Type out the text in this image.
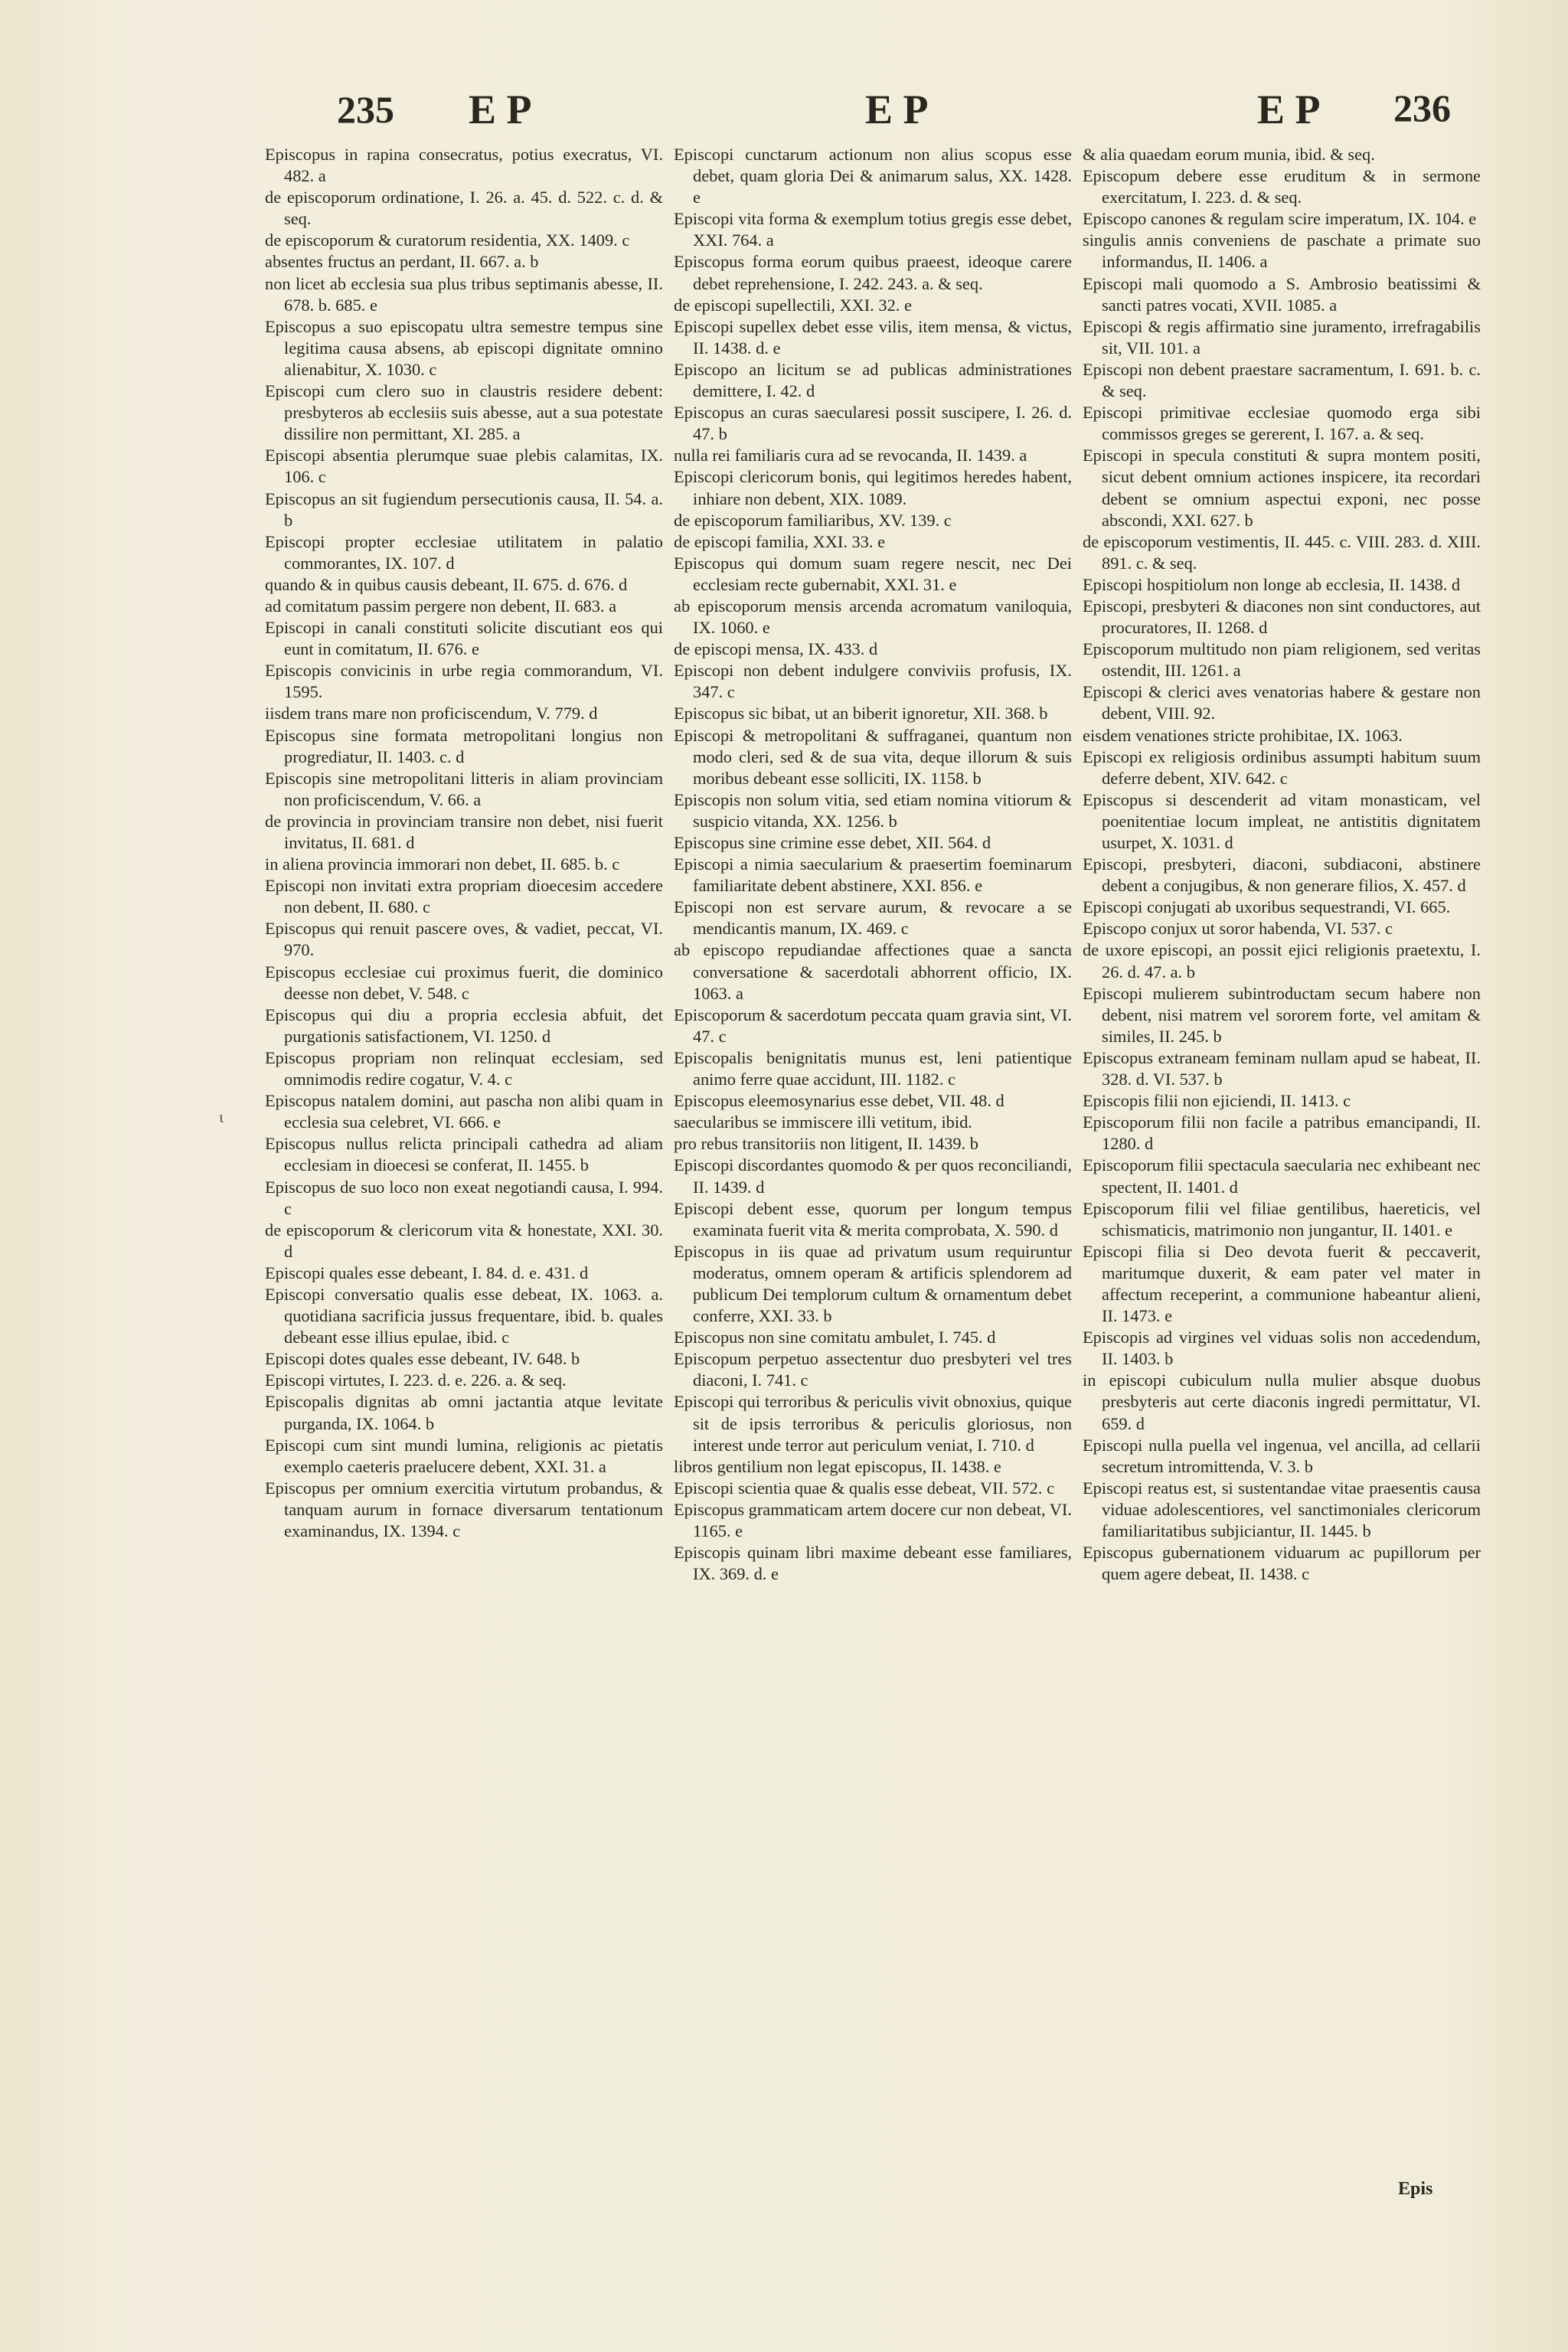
235 E P	E P	E P 236
ι

Episcopus in rapina consecratus, potius execratus, VI. 482. a

de episcoporum ordinatione, I. 26. a. 45. d. 522. c. d. & seq.

de episcoporum & curatorum residentia, XX. 1409. c

absentes fructus an perdant, II. 667. a. b

non licet ab ecclesia sua plus tribus septimanis abesse, II. 678. b. 685. e

Episcopus a suo episcopatu ultra semestre tempus sine legitima causa absens, ab episcopi dignitate omnino alienabitur, X. 1030. c

Episcopi cum clero suo in claustris residere debent: presbyteros ab ecclesiis suis abesse, aut a sua potestate dissilire non permittant, XI. 285. a

Episcopi absentia plerumque suae plebis calamitas, IX. 106. c

Episcopus an sit fugiendum persecutionis causa, II. 54. a. b

Episcopi propter ecclesiae utilitatem in palatio commorantes, IX. 107. d

quando & in quibus causis debeant, II. 675. d. 676. d

ad comitatum passim pergere non debent, II. 683. a

Episcopi in canali constituti solicite discutiant eos qui eunt in comitatum, II. 676. e

Episcopis convicinis in urbe regia commorandum, VI. 1595.

iisdem trans mare non proficiscendum, V. 779. d

Episcopus sine formata metropolitani longius non progrediatur, II. 1403. c. d

Episcopis sine metropolitani litteris in aliam provinciam non proficiscendum, V. 66. a

de provincia in provinciam transire non debet, nisi fuerit invitatus, II. 681. d

in aliena provincia immorari non debet, II. 685. b. c

Episcopi non invitati extra propriam dioecesim accedere non debent, II. 680. c

Episcopus qui renuit pascere oves, & vadiet, peccat, VI. 970.

Episcopus ecclesiae cui proximus fuerit, die dominico deesse non debet, V. 548. c

Episcopus qui diu a propria ecclesia abfuit, det purgationis satisfactionem, VI. 1250. d

Episcopus propriam non relinquat ecclesiam, sed omnimodis redire cogatur, V. 4. c

Episcopus natalem domini, aut pascha non alibi quam in ecclesia sua celebret, VI. 666. e

Episcopus nullus relicta principali cathedra ad aliam ecclesiam in dioecesi se conferat, II. 1455. b

Episcopus de suo loco non exeat negotiandi causa, I. 994. c

de episcoporum & clericorum vita & honestate, XXI. 30. d

Episcopi quales esse debeant, I. 84. d. e. 431. d

Episcopi conversatio qualis esse debeat, IX. 1063. a. quotidiana sacrificia jussus frequentare, ibid. b. quales debeant esse illius epulae, ibid. c

Episcopi dotes quales esse debeant, IV. 648. b

Episcopi virtutes, I. 223. d. e. 226. a. & seq.

Episcopalis dignitas ab omni jactantia atque levitate purganda, IX. 1064. b

Episcopi cum sint mundi lumina, religionis ac pietatis exemplo caeteris praelucere debent, XXI. 31. a

Episcopus per omnium exercitia virtutum probandus, & tanquam aurum in fornace diversarum tentationum examinandus, IX. 1394. c

Episcopi cunctarum actionum non alius scopus esse debet, quam gloria Dei & animarum salus, XX. 1428. e

Episcopi vita forma & exemplum totius gregis esse debet, XXI. 764. a

Episcopus forma eorum quibus praeest, ideoque carere debet reprehensione, I. 242. 243. a. & seq.

de episcopi supellectili, XXI. 32. e

Episcopi supellex debet esse vilis, item mensa, & victus, II. 1438. d. e

Episcopo an licitum se ad publicas administrationes demittere, I. 42. d

Episcopus an curas saecularesi possit suscipere, I. 26. d. 47. b

nulla rei familiaris cura ad se revocanda, II. 1439. a

Episcopi clericorum bonis, qui legitimos heredes habent, inhiare non debent, XIX. 1089.

de episcoporum familiaribus, XV. 139. c

de episcopi familia, XXI. 33. e

Episcopus qui domum suam regere nescit, nec Dei ecclesiam recte gubernabit, XXI. 31. e

ab episcoporum mensis arcenda acromatum vaniloquia, IX. 1060. e

de episcopi mensa, IX. 433. d

Episcopi non debent indulgere conviviis profusis, IX. 347. c

Episcopus sic bibat, ut an biberit ignoretur, XII. 368. b

Episcopi & metropolitani & suffraganei, quantum non modo cleri, sed & de sua vita, deque illorum & suis moribus debeant esse solliciti, IX. 1158. b

Episcopis non solum vitia, sed etiam nomina vitiorum & suspicio vitanda, XX. 1256. b

Episcopus sine crimine esse debet, XII. 564. d

Episcopi a nimia saecularium & praesertim foeminarum familiaritate debent abstinere, XXI. 856. e

Episcopi non est servare aurum, & revocare a se mendicantis manum, IX. 469. c

ab episcopo repudiandae affectiones quae a sancta conversatione & sacerdotali abhorrent officio, IX. 1063. a

Episcoporum & sacerdotum peccata quam gravia sint, VI. 47. c

Episcopalis benignitatis munus est, leni patientique animo ferre quae accidunt, III. 1182. c

Episcopus eleemosynarius esse debet, VII. 48. d

saecularibus se immiscere illi vetitum, ibid.

pro rebus transitoriis non litigent, II. 1439. b

Episcopi discordantes quomodo & per quos reconciliandi, II. 1439. d

Episcopi debent esse, quorum per longum tempus examinata fuerit vita & merita comprobata, X. 590. d

Episcopus in iis quae ad privatum usum requiruntur moderatus, omnem operam & artificis splendorem ad publicum Dei templorum cultum & ornamentum debet conferre, XXI. 33. b

Episcopus non sine comitatu ambulet, I. 745. d

Episcopum perpetuo assectentur duo presbyteri vel tres diaconi, I. 741. c

Episcopi qui terroribus & periculis vivit obnoxius, quique sit de ipsis terroribus & periculis gloriosus, non interest unde terror aut periculum veniat, I. 710. d

libros gentilium non legat episcopus, II. 1438. e

Episcopi scientia quae & qualis esse debeat, VII. 572. c

Episcopus grammaticam artem docere cur non debeat, VI. 1165. e

Episcopis quinam libri maxime debeant esse familiares, IX. 369. d. e

& alia quaedam eorum munia, ibid. & seq.

Episcopum debere esse eruditum & in sermone exercitatum, I. 223. d. & seq.

Episcopo canones & regulam scire imperatum, IX. 104. e

singulis annis conveniens de paschate a primate suo informandus, II. 1406. a

Episcopi mali quomodo a S. Ambrosio beatissimi & sancti patres vocati, XVII. 1085. a

Episcopi & regis affirmatio sine juramento, irrefragabilis sit, VII. 101. a

Episcopi non debent praestare sacramentum, I. 691. b. c. & seq.

Episcopi primitivae ecclesiae quomodo erga sibi commissos greges se gererent, I. 167. a. & seq.

Episcopi in specula constituti & supra montem positi, sicut debent omnium actiones inspicere, ita recordari debent se omnium aspectui exponi, nec posse abscondi, XXI. 627. b

de episcoporum vestimentis, II. 445. c. VIII. 283. d. XIII. 891. c. & seq.

Episcopi hospitiolum non longe ab ecclesia, II. 1438. d

Episcopi, presbyteri & diacones non sint conductores, aut procuratores, II. 1268. d

Episcoporum multitudo non piam religionem, sed veritas ostendit, III. 1261. a

Episcopi & clerici aves venatorias habere & gestare non debent, VIII. 92.

eisdem venationes stricte prohibitae, IX. 1063.

Episcopi ex religiosis ordinibus assumpti habitum suum deferre debent, XIV. 642. c

Episcopus si descenderit ad vitam monasticam, vel poenitentiae locum impleat, ne antistitis dignitatem usurpet, X. 1031. d

Episcopi, presbyteri, diaconi, subdiaconi, abstinere debent a conjugibus, & non generare filios, X. 457. d

Episcopi conjugati ab uxoribus sequestrandi, VI. 665.

Episcopo conjux ut soror habenda, VI. 537. c

de uxore episcopi, an possit ejici religionis praetextu, I. 26. d. 47. a. b

Episcopi mulierem subintroductam secum habere non debent, nisi matrem vel sororem forte, vel amitam & similes, II. 245. b

Episcopus extraneam feminam nullam apud se habeat, II. 328. d. VI. 537. b

Episcopis filii non ejiciendi, II. 1413. c

Episcoporum filii non facile a patribus emancipandi, II. 1280. d

Episcoporum filii spectacula saecularia nec exhibeant nec spectent, II. 1401. d

Episcoporum filii vel filiae gentilibus, haereticis, vel schismaticis, matrimonio non jungantur, II. 1401. e

Episcopi filia si Deo devota fuerit & peccaverit, maritumque duxerit, & eam pater vel mater in affectum receperint, a communione habeantur alieni, II. 1473. e

Episcopis ad virgines vel viduas solis non accedendum, II. 1403. b

in episcopi cubiculum nulla mulier absque duobus presbyteris aut certe diaconis ingredi permittatur, VI. 659. d

Episcopi nulla puella vel ingenua, vel ancilla, ad cellarii secretum intromittenda, V. 3. b

Episcopi reatus est, si sustentandae vitae praesentis causa viduae adolescentiores, vel sanctimoniales clericorum familiaritatibus subjiciantur, II. 1445. b

Episcopus gubernationem viduarum ac pupillorum per quem agere debeat, II. 1438. c

Epis
